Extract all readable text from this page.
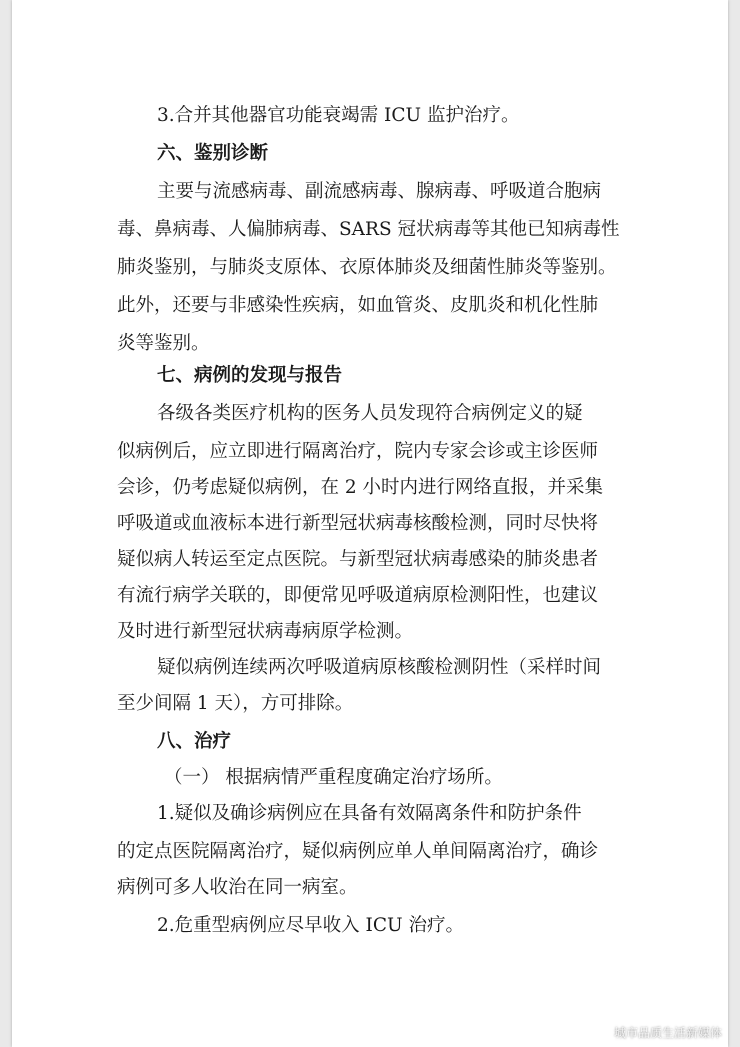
3.合并其他器官功能衰竭需 ICU 监护治疗。
六、鉴别诊断
主要与流感病毒、副流感病毒、腺病毒、呼吸道合胞病
毒、鼻病毒、人偏肺病毒、SARS 冠状病毒等其他已知病毒性
肺炎鉴别，与肺炎支原体、衣原体肺炎及细菌性肺炎等鉴别。
此外，还要与非感染性疾病，如血管炎、皮肌炎和机化性肺
炎等鉴别。
七、病例的发现与报告
各级各类医疗机构的医务人员发现符合病例定义的疑
似病例后，应立即进行隔离治疗，院内专家会诊或主诊医师
会诊，仍考虑疑似病例，在 2 小时内进行网络直报，并采集
呼吸道或血液标本进行新型冠状病毒核酸检测，同时尽快将
疑似病人转运至定点医院。与新型冠状病毒感染的肺炎患者
有流行病学关联的，即便常见呼吸道病原检测阳性，也建议
及时进行新型冠状病毒病原学检测。
疑似病例连续两次呼吸道病原核酸检测阴性（采样时间
至少间隔 1 天），方可排除。
八、治疗
（一） 根据病情严重程度确定治疗场所。
1.疑似及确诊病例应在具备有效隔离条件和防护条件
的定点医院隔离治疗，疑似病例应单人单间隔离治疗，确诊
病例可多人收治在同一病室。
2.危重型病例应尽早收入 ICU 治疗。
城市品质生活新媒体
